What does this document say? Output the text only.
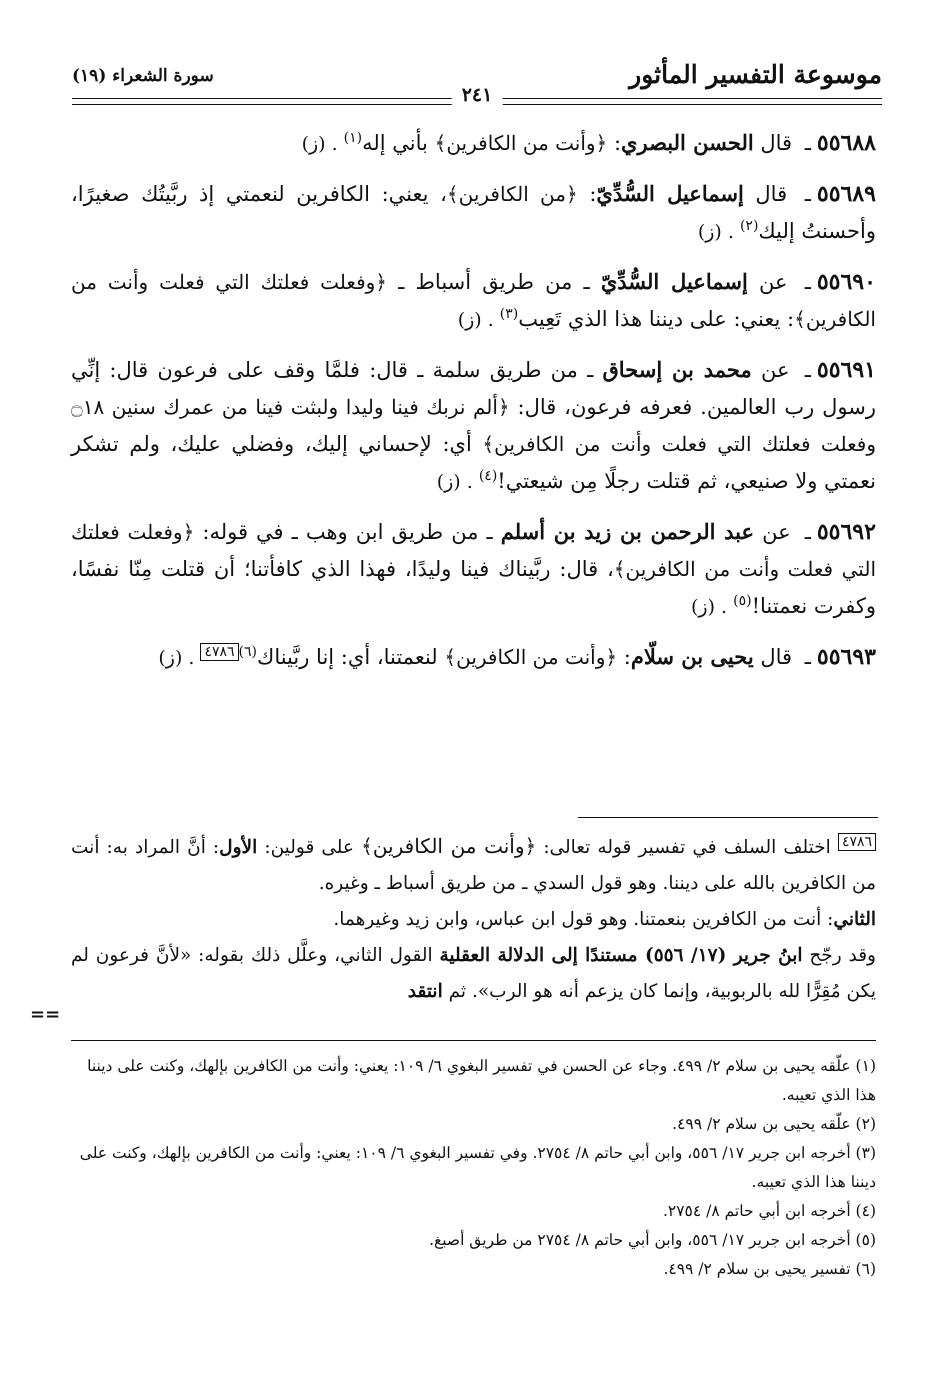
موسوعة التفسير المأثور
سورة الشعراء (١٩)
٢٤١

٥٥٦٨٨ـ قال الحسن البصري: ﴿وأنت من الكافرين﴾ بأني إله$^{(١)}$. (ز)

٥٥٦٨٩ـ قال إسماعيل السُّدِّيّ: ﴿من الكافرين﴾، يعني: الكافرين لنعمتي إذ ربَّيتُك صغيرًا، وأحسنتُ إليك$^{(٢)}$. (ز)

٥٥٦٩٠ـ عن إسماعيل السُّدِّيّ ـ من طريق أسباط ـ ﴿وفعلت فعلتك التي فعلت وأنت من الكافرين﴾: يعني: على ديننا هذا الذي تَعِيب$^{(٣)}$. (ز)

٥٥٦٩١ـ عن محمد بن إسحاق ـ من طريق سلمة ـ قال: فلمَّا وقف على فرعون قال: إنِّي رسول رب العالمين. فعرفه فرعون، قال: ﴿ألم نربك فينا وليدا ولبثت فينا من عمرك سنين ۝١٨ وفعلت فعلتك التي فعلت وأنت من الكافرين﴾ أي: لإحساني إليك، وفضلي عليك، ولم تشكر نعمتي ولا صنيعي، ثم قتلت رجلًا مِن شيعتي!$^{(٤)}$. (ز)

٥٥٦٩٢ـ عن عبد الرحمن بن زيد بن أسلم ـ من طريق ابن وهب ـ في قوله: ﴿وفعلت فعلتك التي فعلت وأنت من الكافرين﴾، قال: ربَّيناك فينا وليدًا، فهذا الذي كافأتنا؛ أن قتلت مِنّا نفسًا، وكفرت نعمتنا!$^{(٥)}$. (ز)

٥٥٦٩٣ـ قال يحيى بن سلّام: ﴿وأنت من الكافرين﴾ لنعمتنا، أي: إنا ربَّيناك$^{(٦)}$٤٧٨٦. (ز)

٤٧٨٦ اختلف السلف في تفسير قوله تعالى: ﴿وأنت من الكافرين﴾ على قولين: الأول: أنَّ المراد به: أنت من الكافرين بالله على ديننا. وهو قول السدي ـ من طريق أسباط ـ وغيره.

الثاني: أنت من الكافرين بنعمتنا. وهو قول ابن عباس، وابن زيد وغيرهما.

وقد رجّح ابنُ جرير (١٧/ ٥٥٦) مستندًا إلى الدلالة العقلية القول الثاني، وعلَّل ذلك بقوله: «لأنَّ فرعون لم يكن مُقِرًّا لله بالربوبية، وإنما كان يزعم أنه هو الرب». ثم انتقد

==

(١) علّقه يحيى بن سلام ٢/ ٤٩٩. وجاء عن الحسن في تفسير البغوي ٦/ ١٠٩: يعني: وأنت من الكافرين بإلهك، وكنت على ديننا هذا الذي تعيبه.

(٢) علّقه يحيى بن سلام ٢/ ٤٩٩.

(٣) أخرجه ابن جرير ١٧/ ٥٥٦، وابن أبي حاتم ٨/ ٢٧٥٤. وفي تفسير البغوي ٦/ ١٠٩: يعني: وأنت من الكافرين بإلهك، وكنت على ديننا هذا الذي تعيبه.

(٤) أخرجه ابن أبي حاتم ٨/ ٢٧٥٤.

(٥) أخرجه ابن جرير ١٧/ ٥٥٦، وابن أبي حاتم ٨/ ٢٧٥٤ من طريق أصبغ.

(٦) تفسير يحيى بن سلام ٢/ ٤٩٩.
